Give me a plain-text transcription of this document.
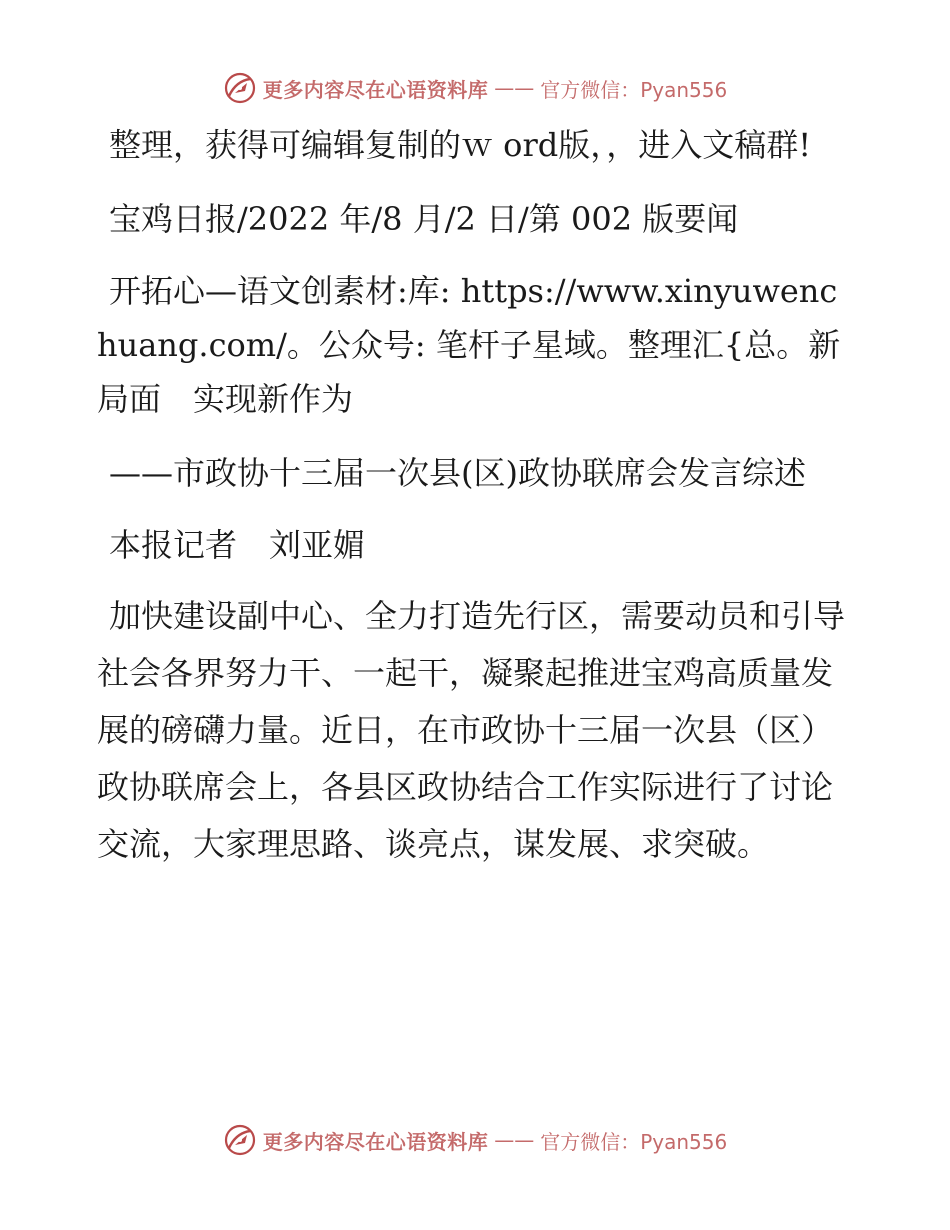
更多内容尽在心语资料库 —— 官方微信：Pyan556

整理，获得可编辑复制的ｗ ord版，，进入文稿群!

宝鸡日报/2022 年/8 月/2 日/第 002 版要闻

开拓心—语文创素材:库: https://www.xinyuwenchuang.com/。公众号: 笔杆子星域。整理汇{总。新局面　实现新作为

——市政协十三届一次县(区)政协联席会发言综述

本报记者　刘亚媚

加快建设副中心、全力打造先行区，需要动员和引导社会各界努力干、一起干，凝聚起推进宝鸡高质量发展的磅礴力量。近日，在市政协十三届一次县（区）政协联席会上，各县区政协结合工作实际进行了讨论交流，大家理思路、谈亮点，谋发展、求突破。

更多内容尽在心语资料库 —— 官方微信：Pyan556
